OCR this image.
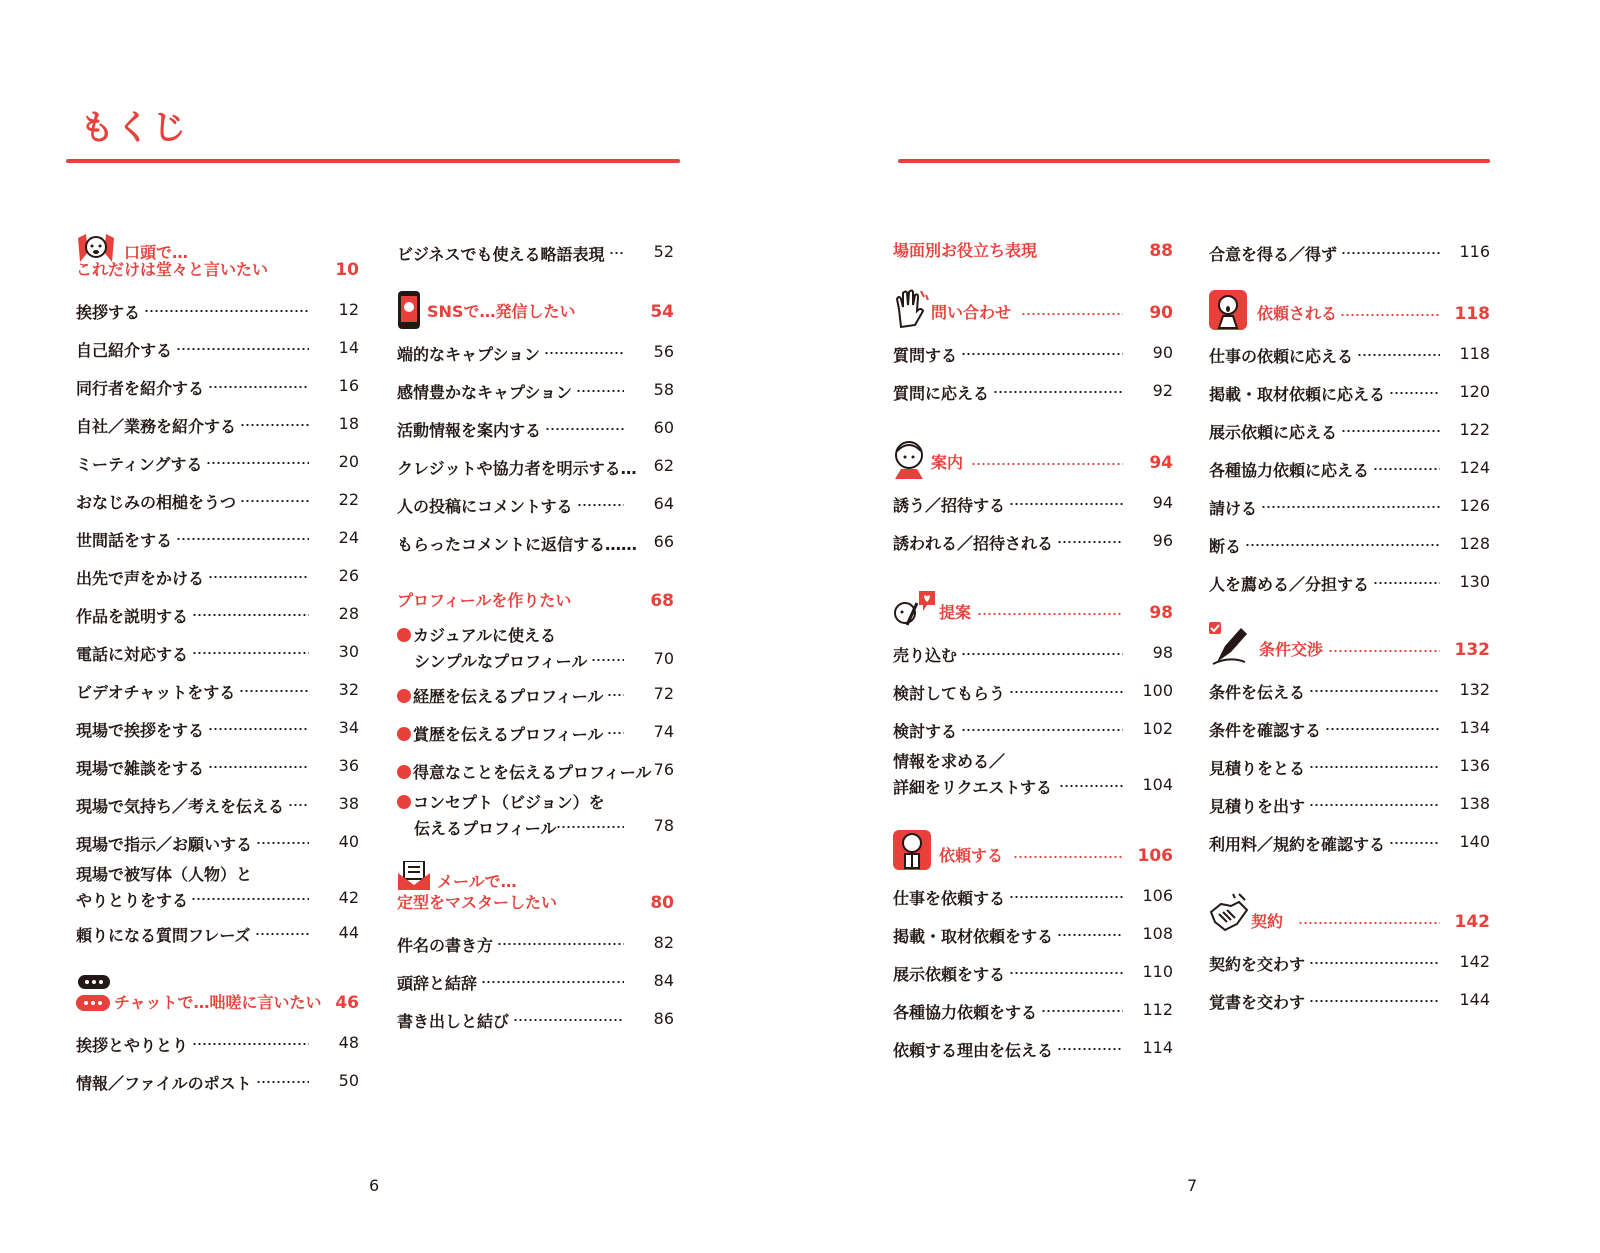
もくじ
口頭で…
これだけは堂々と言いたい	10
挨拶する	12
自己紹介する	14
同行者を紹介する	16
自社／業務を紹介する	18
ミーティングする	20
おなじみの相槌をうつ	22
世間話をする	24
出先で声をかける	26
作品を説明する	28
電話に対応する	30
ビデオチャットをする	32
現場で挨拶をする	34
現場で雑談をする	36
現場で気持ち／考えを伝える	38
現場で指示／お願いする	40
現場で被写体（人物）と
やりとりをする	42
頼りになる質問フレーズ	44
チャットで…咄嗟に言いたい 46
挨拶とやりとり	48
情報／ファイルのポスト	50
ビジネスでも使える略語表現	52
SNSで…発信したい	54
端的なキャプション	56
感情豊かなキャプション	58
活動情報を案内する	60
クレジットや協力者を明示する… 62
人の投稿にコメントする	64
もらったコメントに返信する…… 66
プロフィールを作りたい	68
カジュアルに使える
シンプルなプロフィール	70
経歴を伝えるプロフィール	72
賞歴を伝えるプロフィール	74
得意なことを伝えるプロフィール 76
コンセプト（ビジョン）を
伝えるプロフィール	78
メールで…
定型をマスターしたい	80
件名の書き方	82
頭辞と結辞	84
書き出しと結び	86
場面別お役立ち表現	88
問い合わせ	90
質問する	90
質問に応える	92
案内	94
誘う／招待する	94
誘われる／招待される	96
提案	98
売り込む	98
検討してもらう	100
検討する	102
情報を求める／
詳細をリクエストする	104
依頼する	106
仕事を依頼する	106
掲載・取材依頼をする	108
展示依頼をする	110
各種協力依頼をする	112
依頼する理由を伝える	114
合意を得る／得ず	116
依頼される	118
仕事の依頼に応える	118
掲載・取材依頼に応える	120
展示依頼に応える	122
各種協力依頼に応える	124
請ける	126
断る	128
人を薦める／分担する	130
条件交渉	132
条件を伝える	132
条件を確認する	134
見積りをとる	136
見積りを出す	138
利用料／規約を確認する	140
契約	142
契約を交わす	142
覚書を交わす	144
6	7
